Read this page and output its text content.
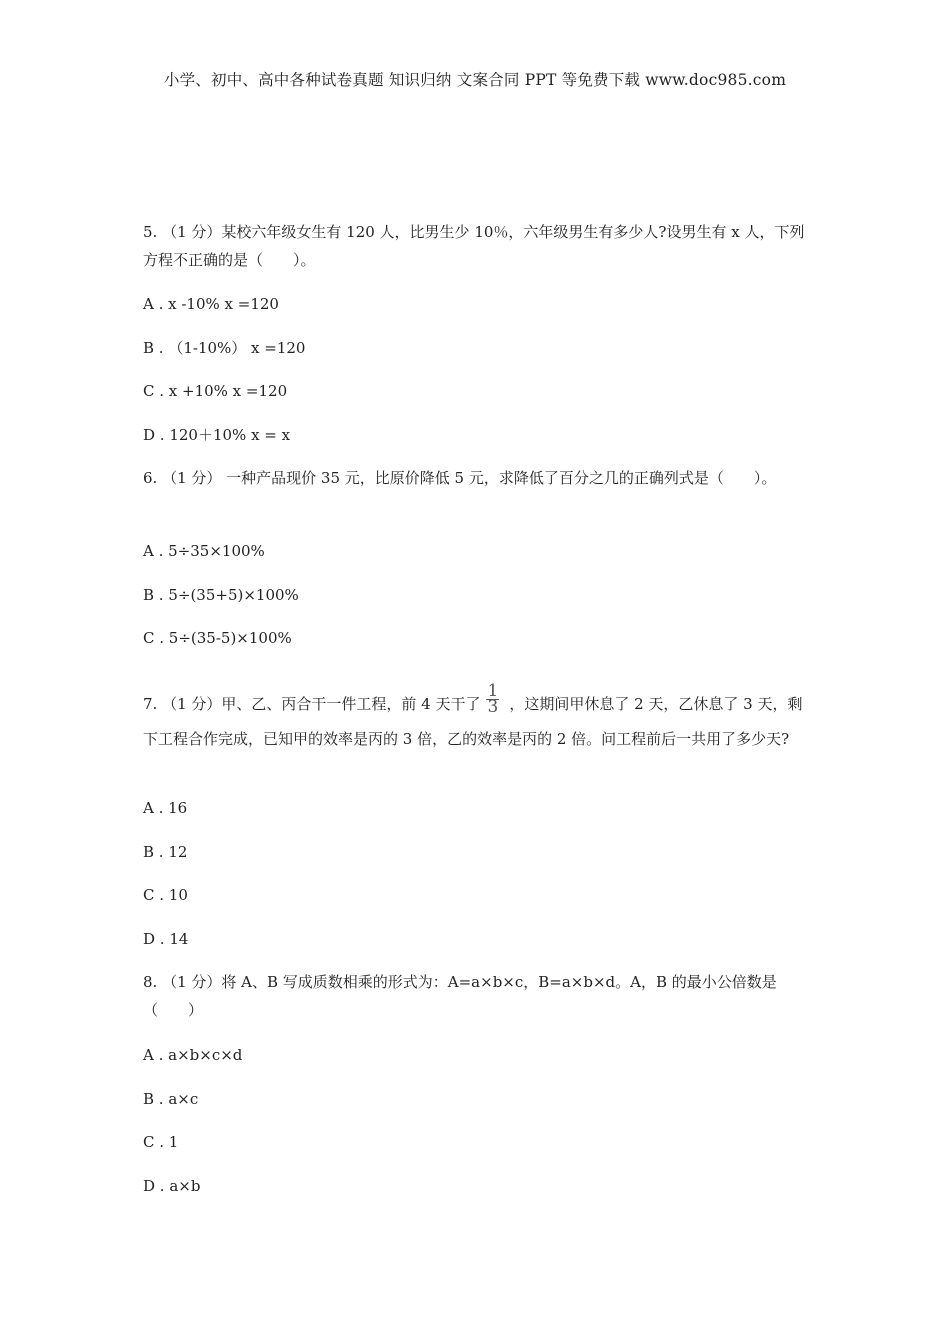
小学、初中、高中各种试卷真题 知识归纳 文案合同 PPT 等免费下载 www.doc985.com
5. （1 分）某校六年级女生有 120 人，比男生少 10％，六年级男生有多少人?设男生有 x 人，下列方程不正确的是（　　）。
A . x -10% x =120
B . （1-10%） x =120
C . x +10% x =120
D . 120＋10% x = x
6. （1 分） 一种产品现价 35 元，比原价降低 5 元，求降低了百分之几的正确列式是（　　）。
A . 5÷35×100%
B . 5÷(35+5)×100%
C . 5÷(35-5)×100%
7. （1 分）甲、乙、丙合干一件工程，前 4 天干了 $\frac{1}{3}$ ，这期间甲休息了 2 天，乙休息了 3 天，剩下工程合作完成，已知甲的效率是丙的 3 倍，乙的效率是丙的 2 倍。问工程前后一共用了多少天?
A . 16
B . 12
C . 10
D . 14
8. （1 分）将 A、B 写成质数相乘的形式为：A=a×b×c，B=a×b×d。A，B 的最小公倍数是（　　）
A . a×b×c×d
B . a×c
C . 1
D . a×b
